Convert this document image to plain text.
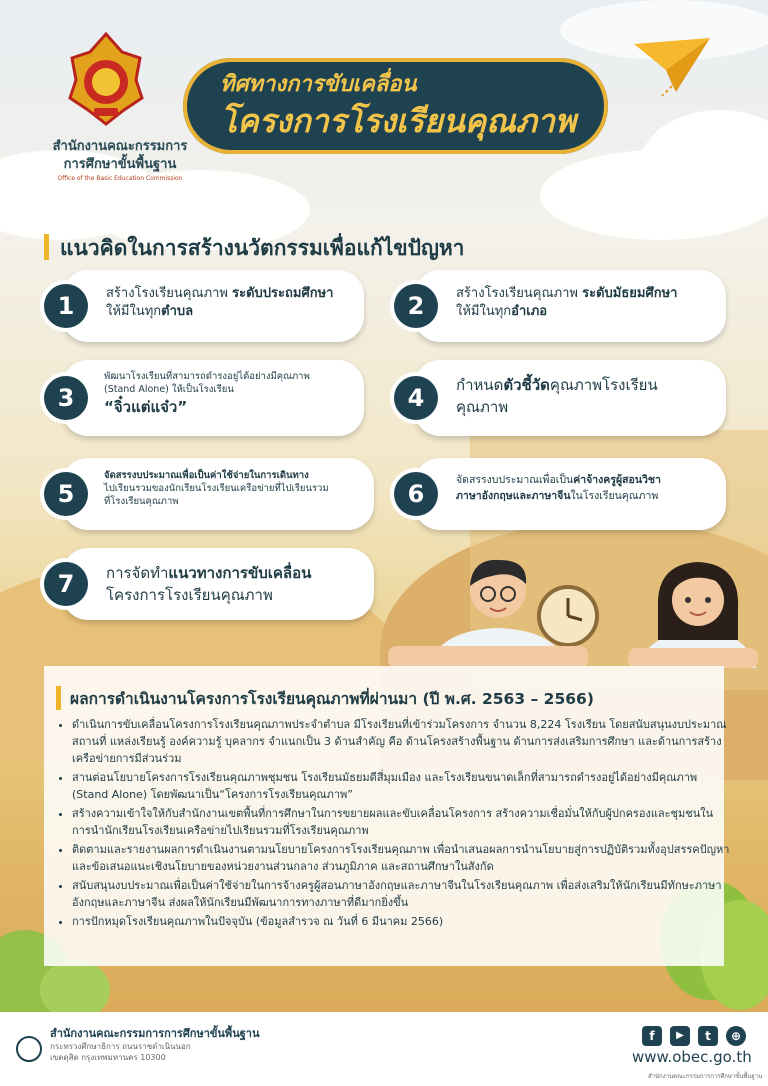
สำนักงานคณะกรรมการ
การศึกษาขั้นพื้นฐาน
Office of the Basic Education Commission
ทิศทางการขับเคลื่อน
โครงการโรงเรียนคุณภาพ
แนวคิดในการสร้างนวัตกรรมเพื่อแก้ไขปัญหา
1	สร้างโรงเรียนคุณภาพ ระดับประถมศึกษา
ให้มีในทุกตำบล	2	สร้างโรงเรียนคุณภาพ ระดับมัธยมศึกษา
ให้มีในทุกอำเภอ
3
พัฒนาโรงเรียนที่สามารถดำรงอยู่ได้อย่างมีคุณภาพ
(Stand Alone) ให้เป็นโรงเรียน
“จิ๋วแต่แจ๋ว”	4	กำหนดตัวชี้วัดคุณภาพโรงเรียน
คุณภาพ
5
จัดสรรงบประมาณเพื่อเป็นค่าใช้จ่ายในการเดินทาง
ไปเรียนรวมของนักเรียนโรงเรียนเครือข่ายที่ไปเรียนรวม
ที่โรงเรียนคุณภาพ	6	จัดสรรงบประมาณเพื่อเป็นค่าจ้างครูผู้สอนวิชา
ภาษาอังกฤษและภาษาจีนในโรงเรียนคุณภาพ
7	การจัดทำแนวทางการขับเคลื่อน
โครงการโรงเรียนคุณภาพ
ผลการดำเนินงานโครงการโรงเรียนคุณภาพที่ผ่านมา (ปี พ.ศ. 2563 – 2566)
• ดำเนินการขับเคลื่อนโครงการโรงเรียนคุณภาพประจำตำบล มีโรงเรียนที่เข้าร่วมโครงการ จำนวน 8,224 โรงเรียน โดยสนับสนุนงบประมาณ สถานที่ แหล่งเรียนรู้ องค์ความรู้ บุคลากร จำแนกเป็น 3 ด้านสำคัญ คือ ด้านโครงสร้างพื้นฐาน ด้านการส่งเสริมการศึกษา และด้านการสร้างเครือข่ายการมีส่วนร่วม
• สานต่อนโยบายโครงการโรงเรียนคุณภาพชุมชน โรงเรียนมัธยมดีสี่มุมเมือง และโรงเรียนขนาดเล็กที่สามารถดำรงอยู่ได้อย่างมีคุณภาพ (Stand Alone) โดยพัฒนาเป็น“โครงการโรงเรียนคุณภาพ”
• สร้างความเข้าใจให้กับสำนักงานเขตพื้นที่การศึกษาในการขยายผลและขับเคลื่อนโครงการ สร้างความเชื่อมั่นให้กับผู้ปกครองและชุมชนในการนำนักเรียนโรงเรียนเครือข่ายไปเรียนรวมที่โรงเรียนคุณภาพ
• ติดตามและรายงานผลการดำเนินงานตามนโยบายโครงการโรงเรียนคุณภาพ เพื่อนำเสนอผลการนำนโยบายสู่การปฏิบัติรวมทั้งอุปสรรคปัญหา และข้อเสนอแนะเชิงนโยบายของหน่วยงานส่วนกลาง ส่วนภูมิภาค และสถานศึกษาในสังกัด
• สนับสนุนงบประมาณเพื่อเป็นค่าใช้จ่ายในการจ้างครูผู้สอนภาษาอังกฤษและภาษาจีนในโรงเรียนคุณภาพ เพื่อส่งเสริมให้นักเรียนมีทักษะภาษาอังกฤษและภาษาจีน ส่งผลให้นักเรียนมีพัฒนาการทางภาษาที่ดีมากยิ่งขึ้น
• การปักหมุดโรงเรียนคุณภาพในปัจจุบัน (ข้อมูลสำรวจ ณ วันที่ 6 มีนาคม 2566)
สำนักงานคณะกรรมการการศึกษาขั้นพื้นฐาน
กระทรวงศึกษาธิการ ถนนราชดำเนินนอก
เขตดุสิต กรุงเทพมหานคร 10300
f	▶	t	⊕
www.obec.go.th
สำนักงานคณะกรรมการการศึกษาขั้นพื้นฐาน
